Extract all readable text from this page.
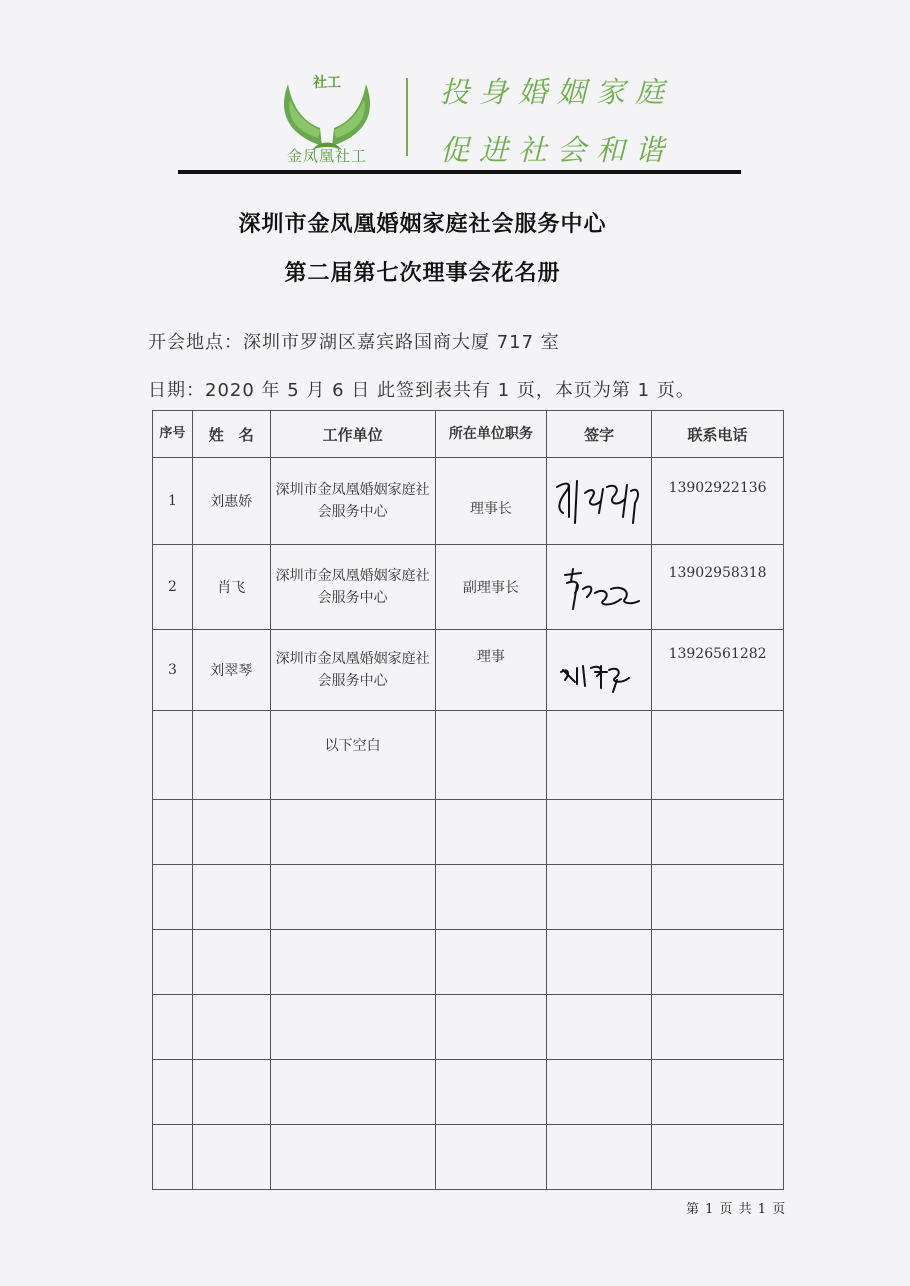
社工
金凤凰社工
投身婚姻家庭
促进社会和谐
深圳市金凤凰婚姻家庭社会服务中心
第二届第七次理事会花名册
开会地点：深圳市罗湖区嘉宾路国商大厦 717 室
日期：2020 年 5 月 6 日 此签到表共有 1 页，本页为第 1 页。
序号	姓　名	工作单位	所在单位职务	签字	联系电话
1	刘惠娇	深圳市金凤凰婚姻家庭社会服务中心	理事长		13902922136
2	肖飞	深圳市金凤凰婚姻家庭社会服务中心	副理事长		13902958318
3	刘翠琴	深圳市金凤凰婚姻家庭社会服务中心	理事		13926561282
		以下空白			

第 1 页 共 1 页
